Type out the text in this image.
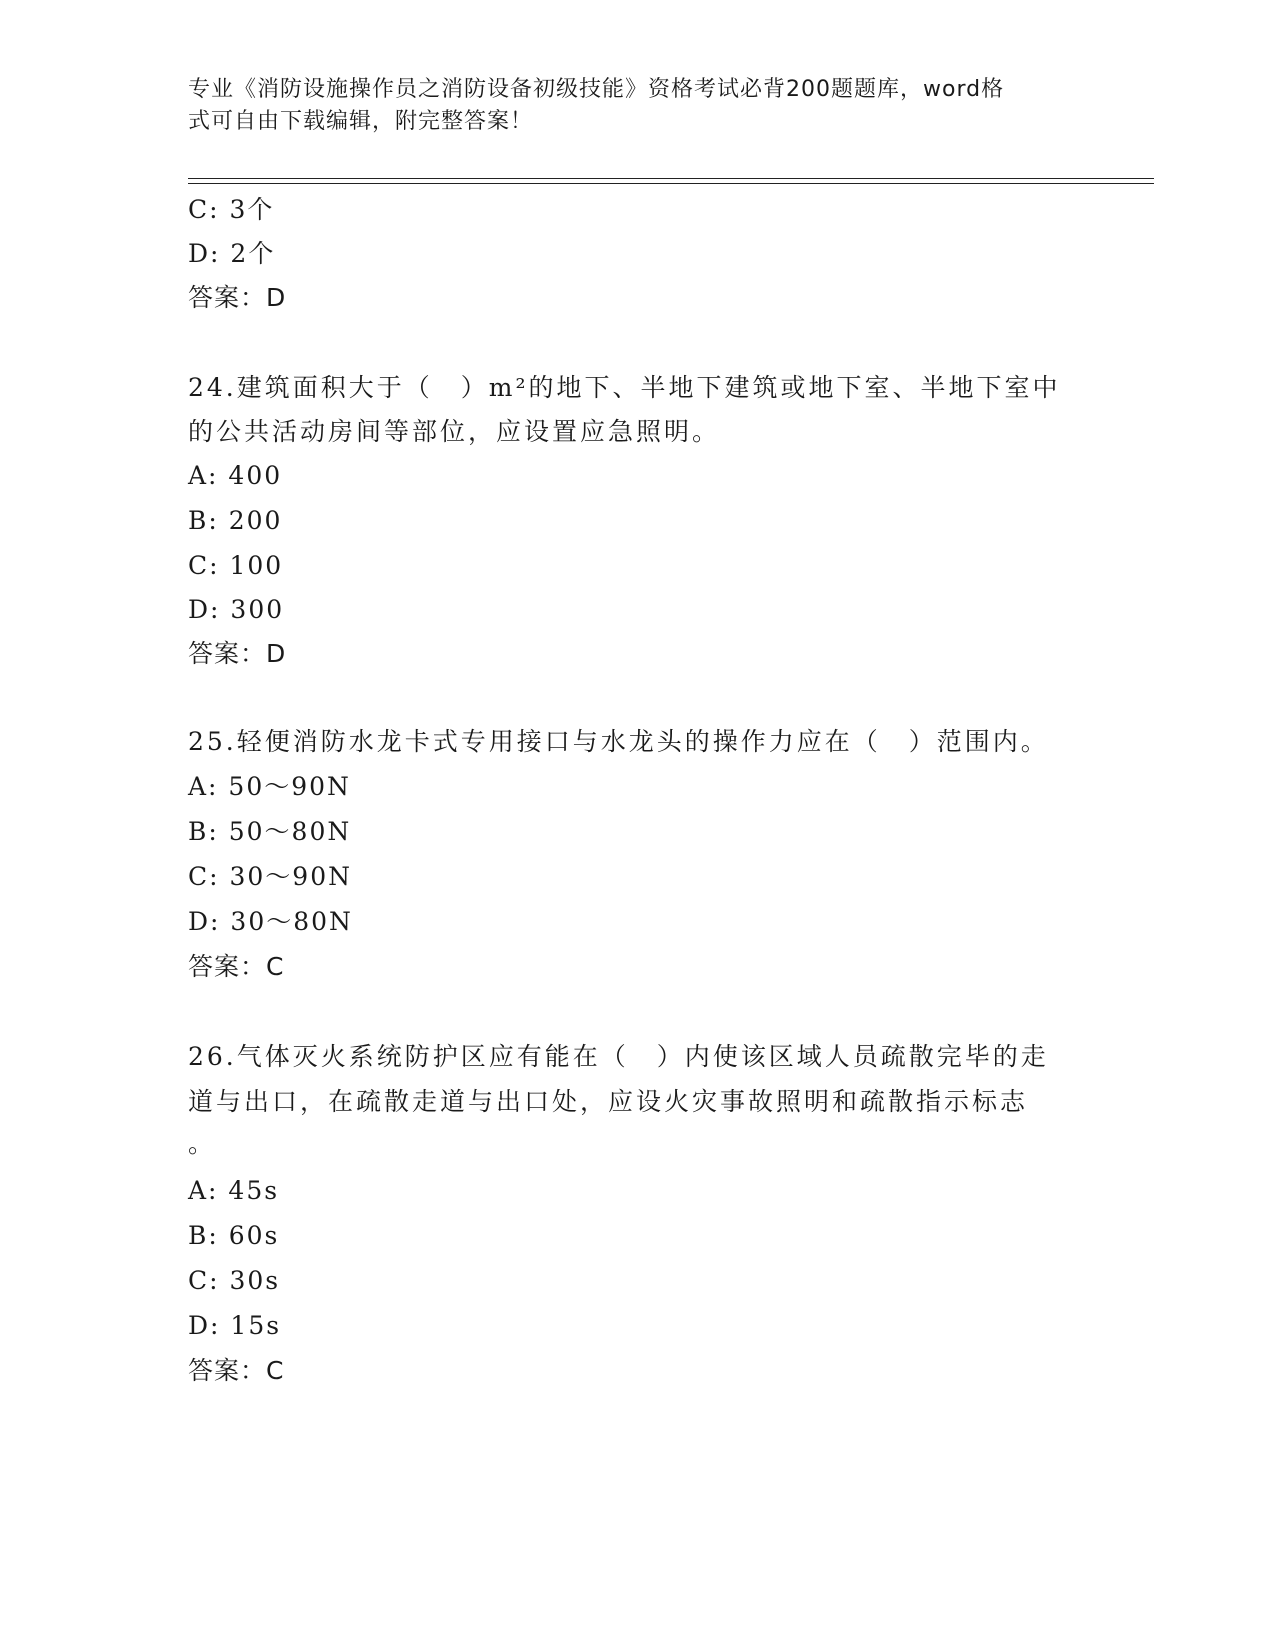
专业《消防设施操作员之消防设备初级技能》资格考试必背200题题库，word格
式可自由下载编辑，附完整答案！
C: 3个
D: 2个
答案：D
24.建筑面积大于（　）m²的地下、半地下建筑或地下室、半地下室中
的公共活动房间等部位，应设置应急照明。
A: 400
B: 200
C: 100
D: 300
答案：D
25.轻便消防水龙卡式专用接口与水龙头的操作力应在（　）范围内。
A: 50～90N
B: 50～80N
C: 30～90N
D: 30～80N
答案：C
26.气体灭火系统防护区应有能在（　）内使该区域人员疏散完毕的走
道与出口，在疏散走道与出口处，应设火灾事故照明和疏散指示标志
。
A: 45s
B: 60s
C: 30s
D: 15s
答案：C
